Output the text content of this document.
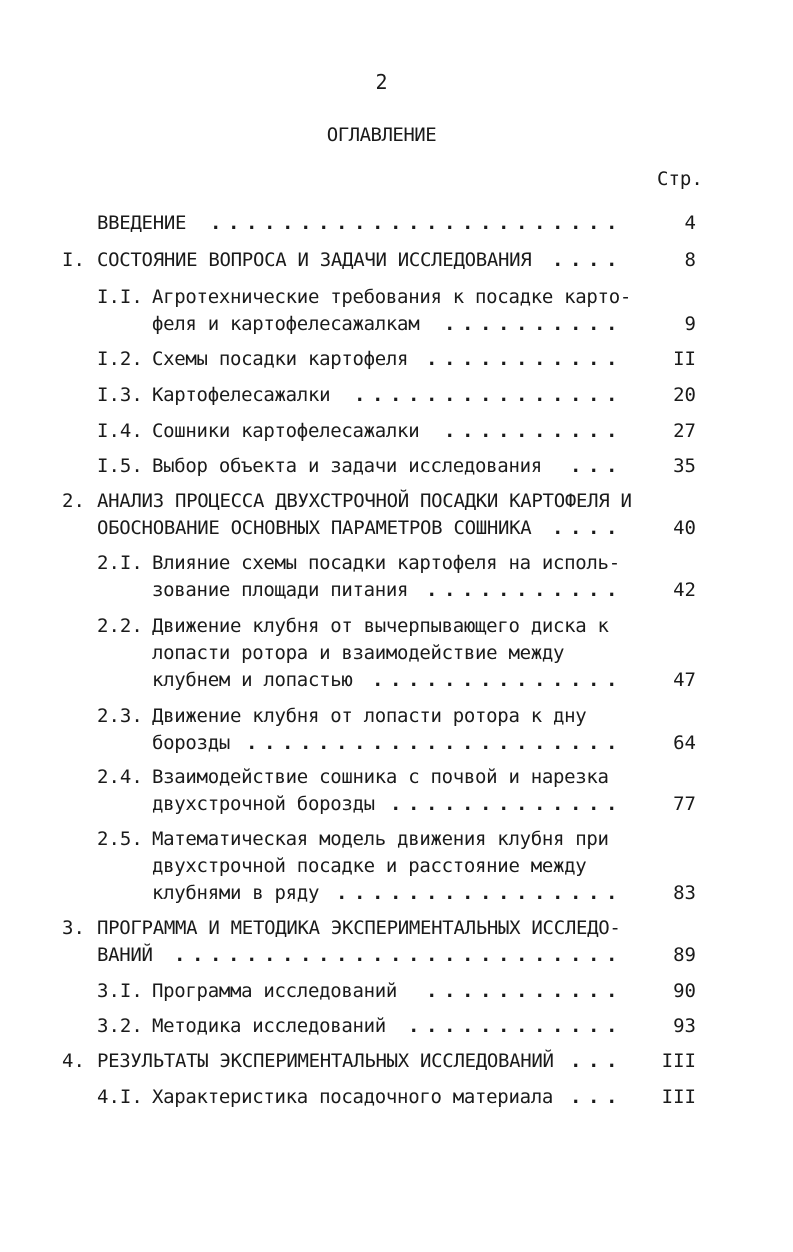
2
ОГЛАВЛЕНИЕ
Стр.
ВВЕДЕНИЕ . . . . . . . . . . . . . . . . . . . . . . .	4
I. СОСТОЯНИЕ ВОПРОСА И ЗАДАЧИ ИССЛЕДОВАНИЯ . . . .	8
I.I. Агротехнические требования к посадке карто-
феля и картофелесажалкам . . . . . . . . . .	9
I.2. Схемы посадки картофеля . . . . . . . . . . .	II
I.3. Картофелесажалки . . . . . . . . . . . . . . .	20
I.4. Сошники картофелесажалки . . . . . . . . . .	27
I.5. Выбор объекта и задачи исследования . . .	35
2. АНАЛИЗ ПРОЦЕССА ДВУХСТРОЧНОЙ ПОСАДКИ КАРТОФЕЛЯ И
ОБОСНОВАНИЕ ОСНОВНЫХ ПАРАМЕТРОВ СОШНИКА . . . .	40
2.I. Влияние схемы посадки картофеля на исполь-
зование площади питания . . . . . . . . . . .	42
2.2. Движение клубня от вычерпывающего диска к
лопасти ротора и взаимодействие между
клубнем и лопастью . . . . . . . . . . . . . .	47
2.3. Движение клубня от лопасти ротора к дну
борозды . . . . . . . . . . . . . . . . . . . . .	64
2.4. Взаимодействие сошника с почвой и нарезка
двухстрочной борозды . . . . . . . . . . . . .	77
2.5. Математическая модель движения клубня при
двухстрочной посадке и расстояние между
клубнями в ряду . . . . . . . . . . . . . . . .	83
3. ПРОГРАММА И МЕТОДИКА ЭКСПЕРИМЕНТАЛЬНЫХ ИССЛЕДО-
ВАНИЙ . . . . . . . . . . . . . . . . . . . . . . . . .	89
3.I. Программа исследований . . . . . . . . . . .	90
3.2. Методика исследований . . . . . . . . . . . .	93
4. РЕЗУЛЬТАТЫ ЭКСПЕРИМЕНТАЛЬНЫХ ИССЛЕДОВАНИЙ . . .	III
4.I. Характеристика посадочного материала . . .	III
